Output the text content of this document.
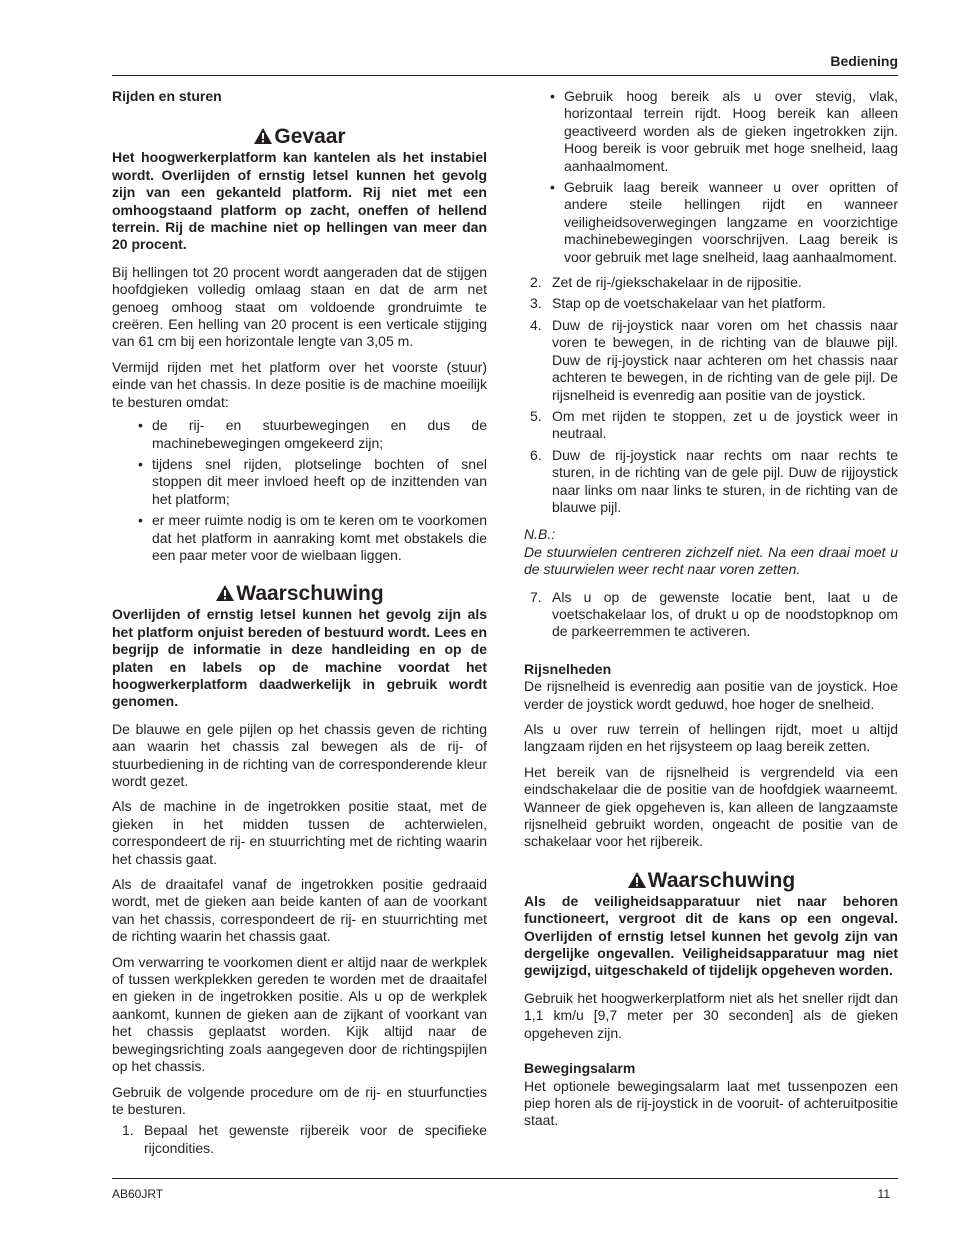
Bediening

Rijden en sturen

Gevaar

Het hoogwerkerplatform kan kantelen als het instabiel wordt. Overlijden of ernstig letsel kunnen het gevolg zijn van een gekanteld platform. Rij niet met een omhoogstaand platform op zacht, oneffen of hellend terrein. Rij de machine niet op hellingen van meer dan 20 procent.

Bij hellingen tot 20 procent wordt aangeraden dat de stijgen hoofdgieken volledig omlaag staan en dat de arm net genoeg omhoog staat om voldoende grondruimte te creëren. Een helling van 20 procent is een verticale stijging van 61 cm bij een horizontale lengte van 3,05 m.

Vermijd rijden met het platform over het voorste (stuur) einde van het chassis. In deze positie is de machine moeilijk te besturen omdat:

• de rij- en stuurbewegingen en dus de machinebewegingen omgekeerd zijn;
• tijdens snel rijden, plotselinge bochten of snel stoppen dit meer invloed heeft op de inzittenden van het platform;
• er meer ruimte nodig is om te keren om te voorkomen dat het platform in aanraking komt met obstakels die een paar meter voor de wielbaan liggen.
Waarschuwing

Overlijden of ernstig letsel kunnen het gevolg zijn als het platform onjuist bereden of bestuurd wordt. Lees en begrijp de informatie in deze handleiding en op de platen en labels op de machine voordat het hoogwerkerplatform daadwerkelijk in gebruik wordt genomen.

De blauwe en gele pijlen op het chassis geven de richting aan waarin het chassis zal bewegen als de rij- of stuurbediening in de richting van de corresponderende kleur wordt gezet.

Als de machine in de ingetrokken positie staat, met de gieken in het midden tussen de achterwielen, correspondeert de rij- en stuurrichting met de richting waarin het chassis gaat.

Als de draaitafel vanaf de ingetrokken positie gedraaid wordt, met de gieken aan beide kanten of aan de voorkant van het chassis, correspondeert de rij- en stuurrichting met de richting waarin het chassis gaat.

Om verwarring te voorkomen dient er altijd naar de werkplek of tussen werkplekken gereden te worden met de draaitafel en gieken in de ingetrokken positie. Als u op de werkplek aankomt, kunnen de gieken aan de zijkant of voorkant van het chassis geplaatst worden. Kijk altijd naar de bewegingsrichting zoals aangegeven door de richtingspijlen op het chassis.

Gebruik de volgende procedure om de rij- en stuurfuncties te besturen.

1. Bepaal het gewenste rijbereik voor de specifieke rijcondities.
• Gebruik hoog bereik als u over stevig, vlak, horizontaal terrein rijdt. Hoog bereik kan alleen geactiveerd worden als de gieken ingetrokken zijn. Hoog bereik is voor gebruik met hoge snelheid, laag aanhaalmoment.
• Gebruik laag bereik wanneer u over opritten of andere steile hellingen rijdt en wanneer veiligheidsoverwegingen langzame en voorzichtige machinebewegingen voorschrijven. Laag bereik is voor gebruik met lage snelheid, laag aanhaalmoment.
2. Zet de rij-/giekschakelaar in de rijpositie.
3. Stap op de voetschakelaar van het platform.
4. Duw de rij-joystick naar voren om het chassis naar voren te bewegen, in de richting van de blauwe pijl. Duw de rij-joystick naar achteren om het chassis naar achteren te bewegen, in de richting van de gele pijl. De rijsnelheid is evenredig aan positie van de joystick.
5. Om met rijden te stoppen, zet u de joystick weer in neutraal.
6. Duw de rij-joystick naar rechts om naar rechts te sturen, in de richting van de gele pijl. Duw de rijjoystick naar links om naar links te sturen, in de richting van de blauwe pijl.

N.B.:

De stuurwielen centreren zichzelf niet. Na een draai moet u de stuurwielen weer recht naar voren zetten.

7. Als u op de gewenste locatie bent, laat u de voetschakelaar los, of drukt u op de noodstopknop om de parkeerremmen te activeren.

Rijsnelheden

De rijsnelheid is evenredig aan positie van de joystick. Hoe verder de joystick wordt geduwd, hoe hoger de snelheid.

Als u over ruw terrein of hellingen rijdt, moet u altijd langzaam rijden en het rijsysteem op laag bereik zetten.

Het bereik van de rijsnelheid is vergrendeld via een eindschakelaar die de positie van de hoofdgiek waarneemt. Wanneer de giek opgeheven is, kan alleen de langzaamste rijsnelheid gebruikt worden, ongeacht de positie van de schakelaar voor het rijbereik.

Waarschuwing

Als de veiligheidsapparatuur niet naar behoren functioneert, vergroot dit de kans op een ongeval. Overlijden of ernstig letsel kunnen het gevolg zijn van dergelijke ongevallen. Veiligheidsapparatuur mag niet gewijzigd, uitgeschakeld of tijdelijk opgeheven worden.

Gebruik het hoogwerkerplatform niet als het sneller rijdt dan 1,1 km/u [9,7 meter per 30 seconden] als de gieken opgeheven zijn.

Bewegingsalarm

Het optionele bewegingsalarm laat met tussenpozen een piep horen als de rij-joystick in de vooruit- of achteruitpositie staat.

AB60JRT	11
